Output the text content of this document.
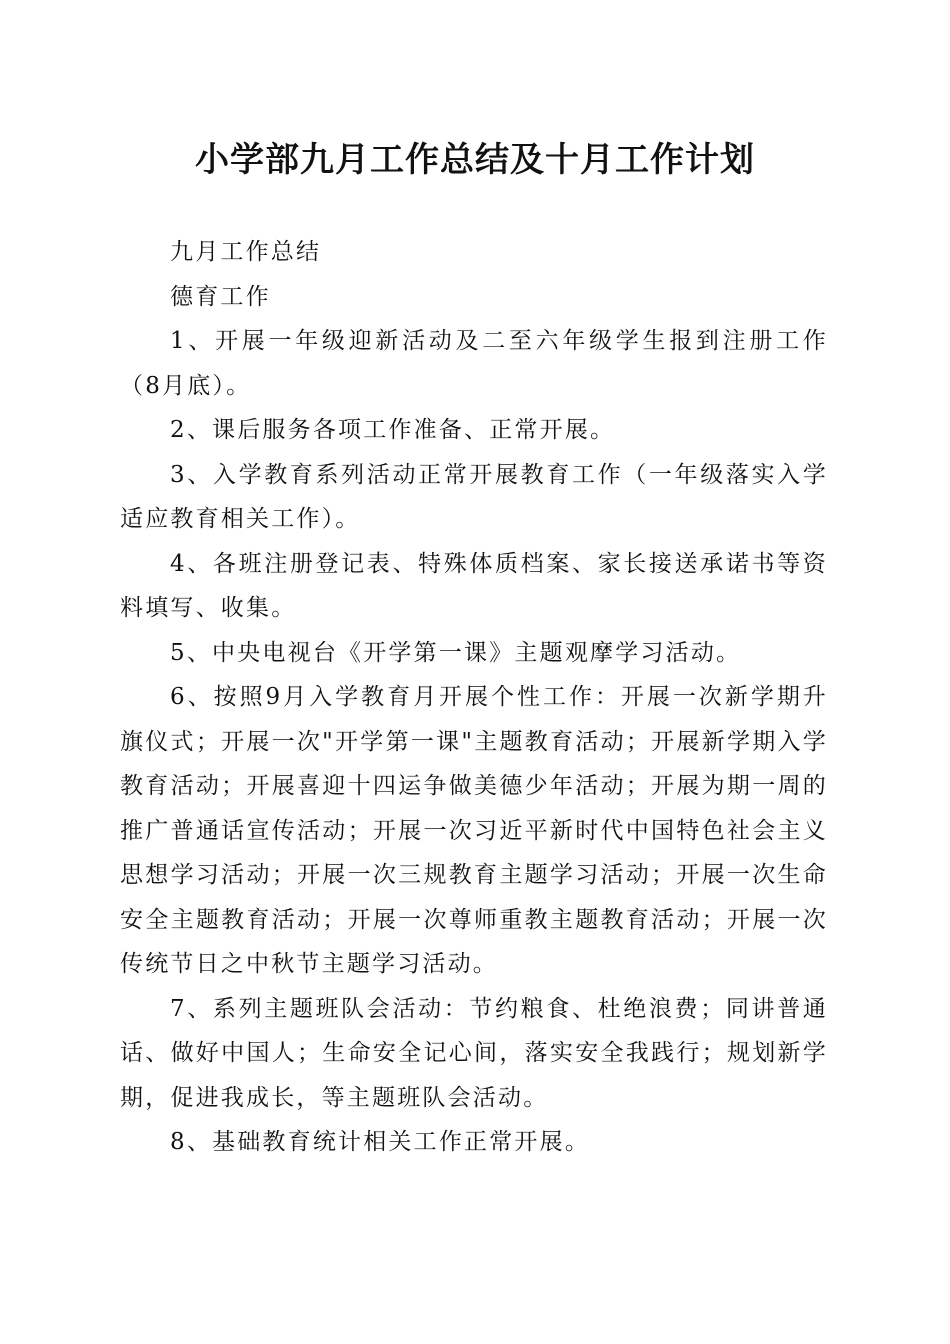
小学部九月工作总结及十月工作计划

九月工作总结

德育工作

1、开展一年级迎新活动及二至六年级学生报到注册工作（8月底）。

2、课后服务各项工作准备、正常开展。

3、入学教育系列活动正常开展教育工作（一年级落实入学适应教育相关工作）。

4、各班注册登记表、特殊体质档案、家长接送承诺书等资料填写、收集。

5、中央电视台《开学第一课》主题观摩学习活动。

6、按照9月入学教育月开展个性工作：开展一次新学期升旗仪式；开展一次"开学第一课"主题教育活动；开展新学期入学教育活动；开展喜迎十四运争做美德少年活动；开展为期一周的推广普通话宣传活动；开展一次习近平新时代中国特色社会主义思想学习活动；开展一次三规教育主题学习活动；开展一次生命安全主题教育活动；开展一次尊师重教主题教育活动；开展一次传统节日之中秋节主题学习活动。

7、系列主题班队会活动：节约粮食、杜绝浪费；同讲普通话、做好中国人；生命安全记心间，落实安全我践行；规划新学期，促进我成长，等主题班队会活动。

8、基础教育统计相关工作正常开展。
